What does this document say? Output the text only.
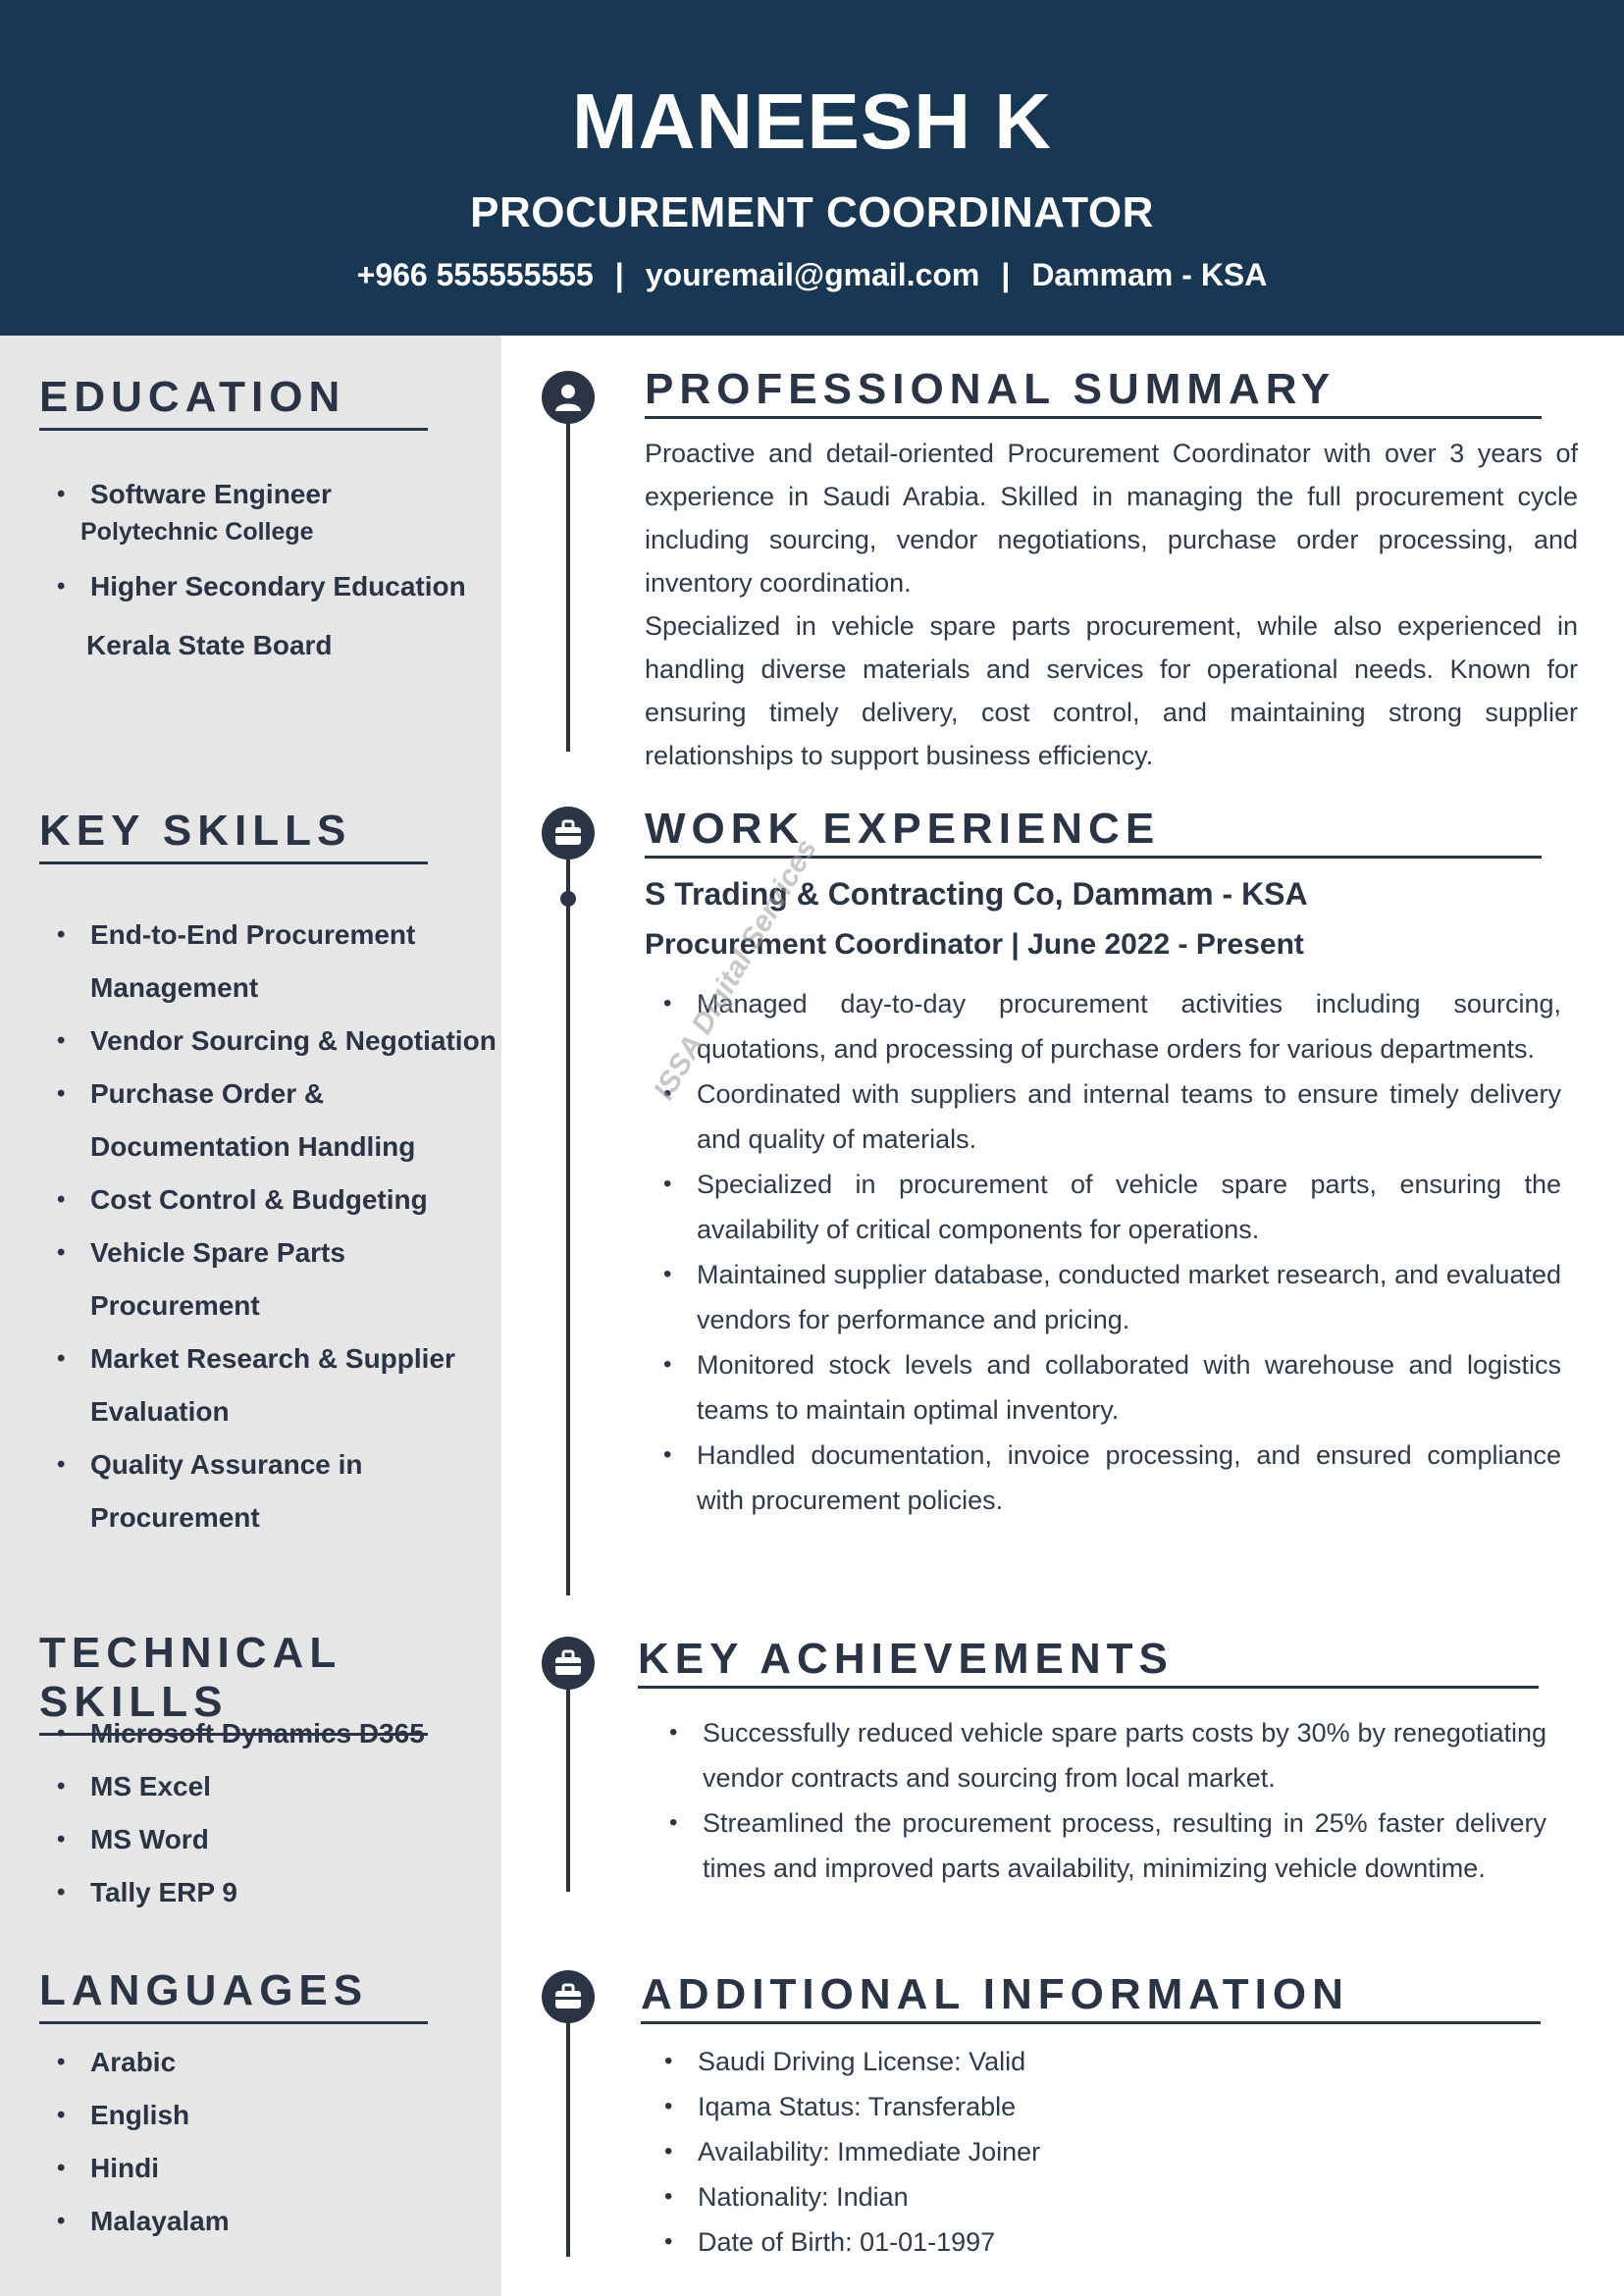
MANEESH K
PROCUREMENT COORDINATOR
+966 555555555 | youremail@gmail.com | Dammam - KSA
EDUCATION
• Software Engineer
Polytechnic College
• Higher Secondary Education
Kerala State Board
KEY SKILLS
• End-to-End Procurement Management
• Vendor Sourcing & Negotiation
• Purchase Order & Documentation Handling
• Cost Control & Budgeting
• Vehicle Spare Parts Procurement
• Market Research & Supplier Evaluation
• Quality Assurance in Procurement
TECHNICAL SKILLS
• Microsoft Dynamics D365
• MS Excel
• MS Word
• Tally ERP 9
LANGUAGES
• Arabic
• English
• Hindi
• Malayalam
PROFESSIONAL SUMMARY

Proactive and detail-oriented Procurement Coordinator with over 3 years of experience in Saudi Arabia. Skilled in managing the full procurement cycle including sourcing, vendor negotiations, purchase order processing, and inventory coordination.

Specialized in vehicle spare parts procurement, while also experienced in handling diverse materials and services for operational needs. Known for ensuring timely delivery, cost control, and maintaining strong supplier relationships to support business efficiency.

WORK EXPERIENCE
S Trading & Contracting Co, Dammam - KSA
Procurement Coordinator | June 2022 - Present
• Managed day-to-day procurement activities including sourcing, quotations, and processing of purchase orders for various departments.
• Coordinated with suppliers and internal teams to ensure timely delivery and quality of materials.
• Specialized in procurement of vehicle spare parts, ensuring the availability of critical components for operations.
• Maintained supplier database, conducted market research, and evaluated vendors for performance and pricing.
• Monitored stock levels and collaborated with warehouse and logistics teams to maintain optimal inventory.
• Handled documentation, invoice processing, and ensured compliance with procurement policies.
ISSA Digital Services
KEY ACHIEVEMENTS
• Successfully reduced vehicle spare parts costs by 30% by renegotiating vendor contracts and sourcing from local market.
• Streamlined the procurement process, resulting in 25% faster delivery times and improved parts availability, minimizing vehicle downtime.
ADDITIONAL INFORMATION
• Saudi Driving License: Valid
• Iqama Status: Transferable
• Availability: Immediate Joiner
• Nationality: Indian
• Date of Birth: 01-01-1997
